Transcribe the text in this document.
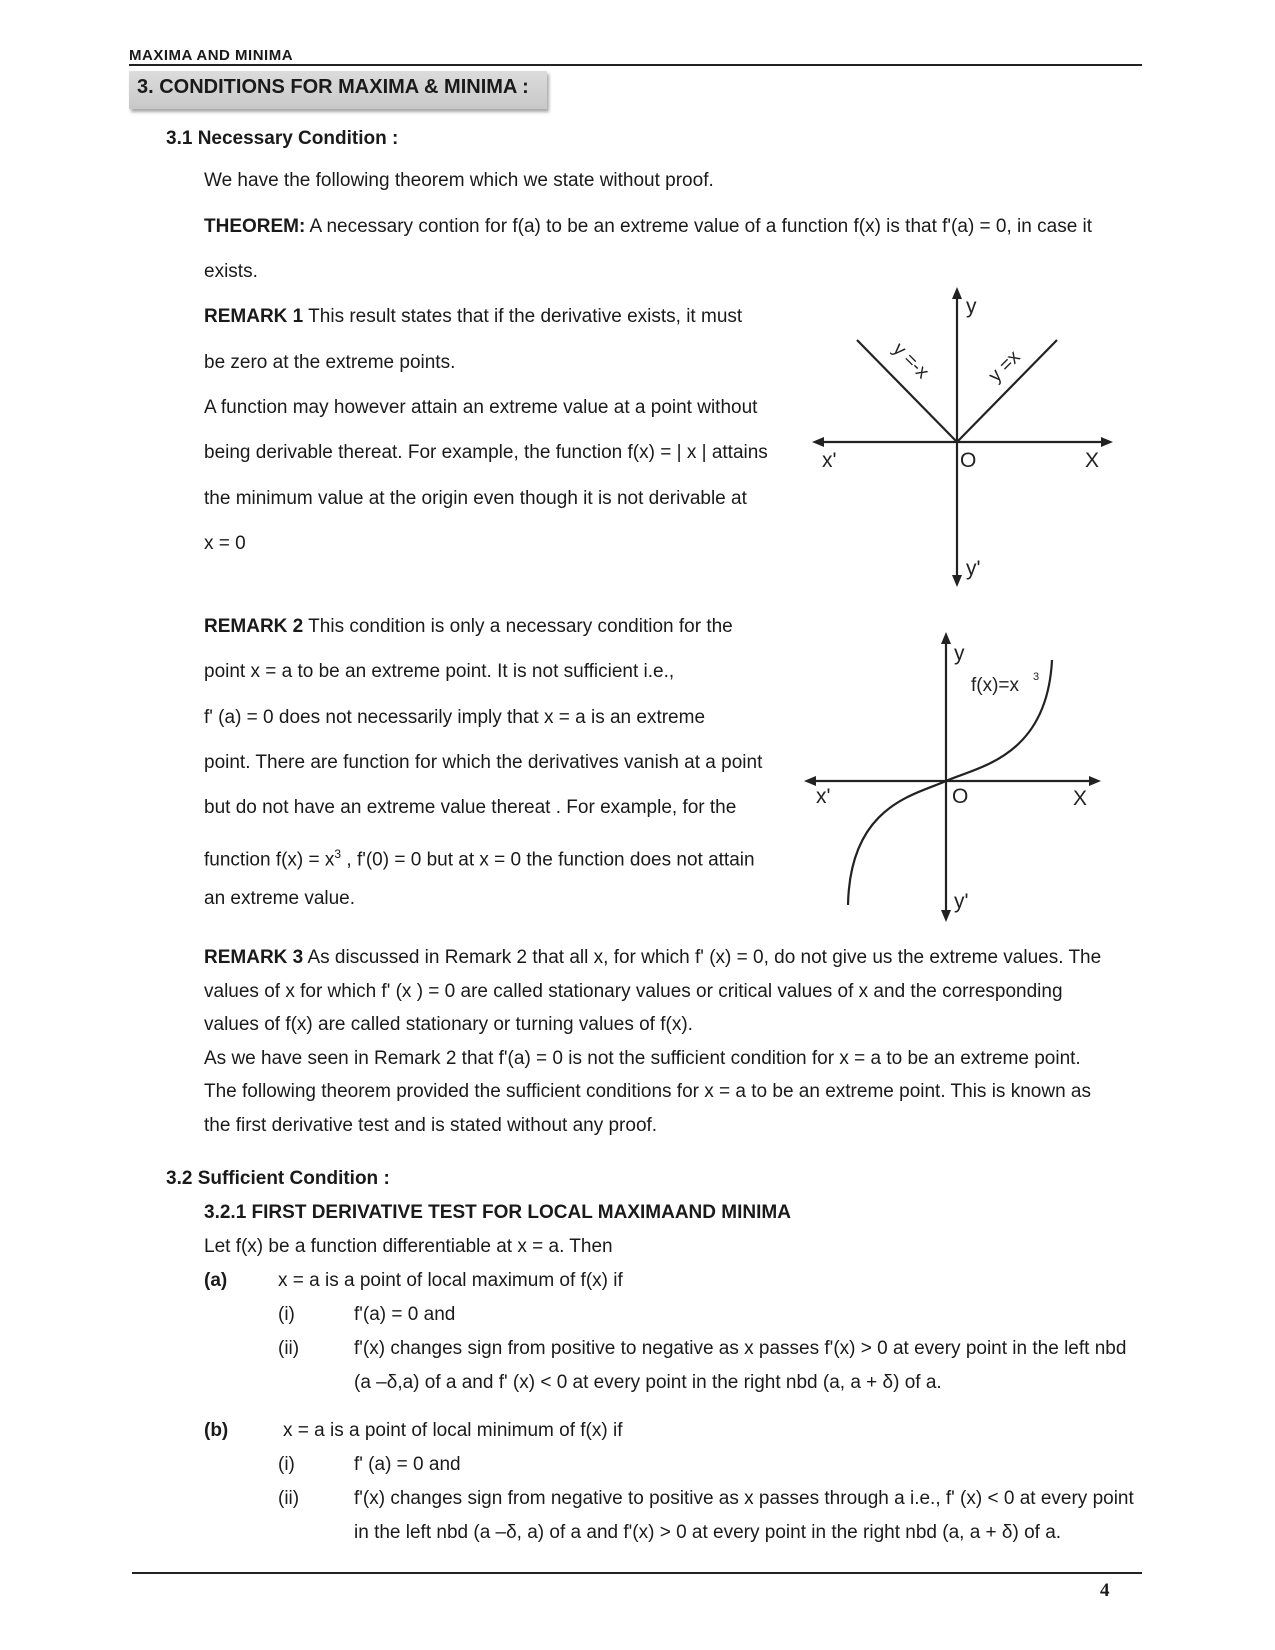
MAXIMA AND MINIMA
3. CONDITIONS FOR MAXIMA & MINIMA :
3.1 Necessary Condition :
We have the following theorem which we state without proof.
THEOREM: A necessary contion for f(a) to be an extreme value of a function f(x) is that f'(a) = 0, in case it
exists.
REMARK 1 This result states that if the derivative exists, it must
be zero at the extreme points.
A function may however attain an extreme value at a point without
being derivable thereat. For example, the function f(x) = | x | attains
the minimum value at the origin even though it is not derivable at
x = 0
y
y'
X
x'	O
y =-x	y =x
REMARK 2 This condition is only a necessary condition for the
point x = a to be an extreme point. It is not sufficient i.e.,
f' (a) = 0 does not necessarily imply that x = a is an extreme
point. There are function for which the derivatives vanish at a point
but do not have an extreme value thereat . For example, for the
function $f(x) = x^3$ , f'(0) = 0 but at x = 0 the function does not attain
an extreme value.
y
y'
X
x'	O
f(x)=x 3
REMARK 3 As discussed in Remark 2 that all x, for which f' (x) = 0, do not give us the extreme values. The
values of x for which f' (x ) = 0 are called stationary values or critical values of x and the corresponding
values of f(x) are called stationary or turning values of f(x).
As we have seen in Remark 2 that f'(a) = 0 is not the sufficient condition for x = a to be an extreme point.
The following theorem provided the sufficient conditions for x = a to be an extreme point. This is known as
the first derivative test and is stated without any proof.
3.2 Sufficient Condition :
3.2.1 FIRST DERIVATIVE TEST FOR LOCAL MAXIMAAND MINIMA
Let f(x) be a function differentiable at x = a. Then
(a)	x = a is a point of local maximum of f(x) if
(i)	f'(a) = 0 and
(ii)	f'(x) changes sign from positive to negative as x passes f'(x) > 0 at every point in the left nbd
(a –δ,a) of a and f' (x) < 0 at every point in the right nbd (a, a + δ) of a.
(b)	x = a is a point of local minimum of f(x) if
(i)	f' (a) = 0 and
(ii)	f'(x) changes sign from negative to positive as x passes through a i.e., f' (x) < 0 at every point
in the left nbd (a –δ, a) of a and f'(x) > 0 at every point in the right nbd (a, a + δ) of a.
4
